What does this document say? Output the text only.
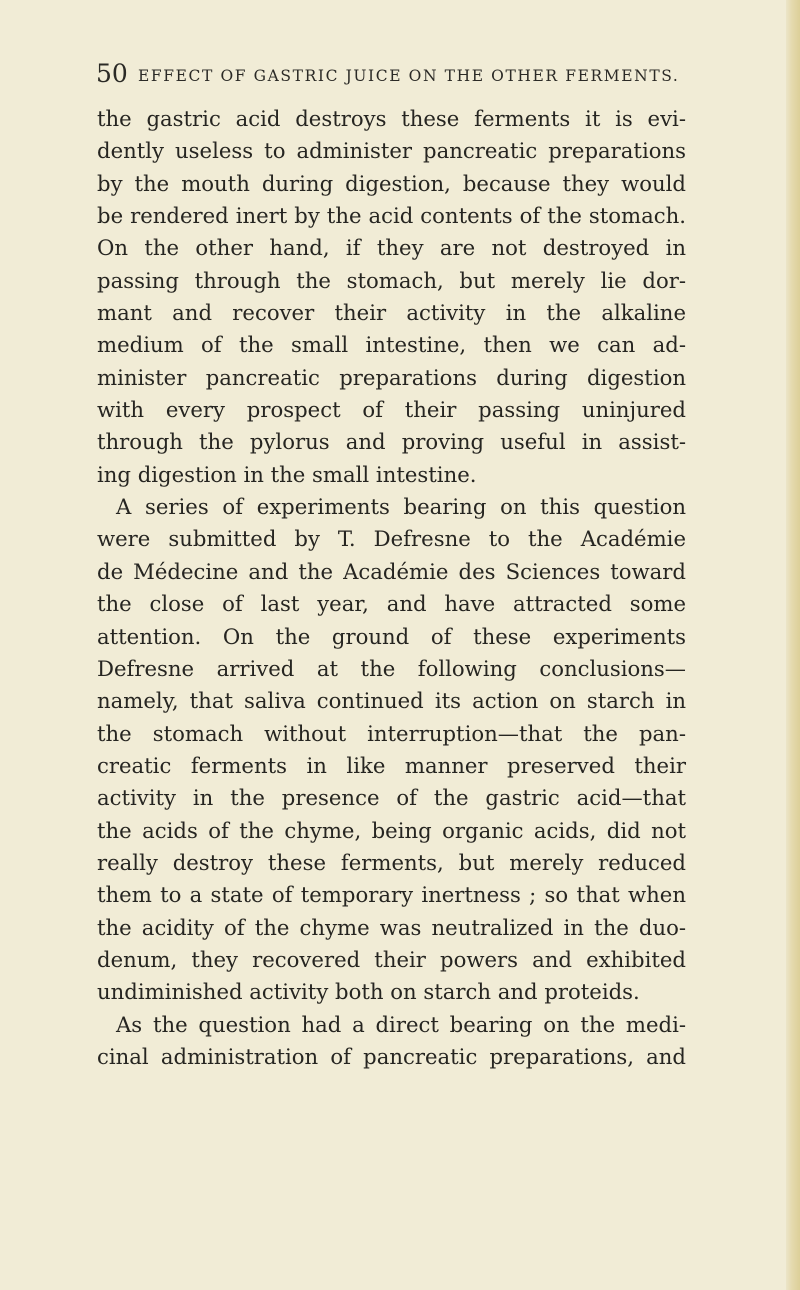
50 EFFECT OF GASTRIC JUICE ON THE OTHER FERMENTS.
the gastric acid destroys these ferments it is evi-
dently useless to administer pancreatic preparations
by the mouth during digestion, because they would
be rendered inert by the acid contents of the stomach.
On the other hand, if they are not destroyed in
passing through the stomach, but merely lie dor-
mant and recover their activity in the alkaline
medium of the small intestine, then we can ad-
minister pancreatic preparations during digestion
with every prospect of their passing uninjured
through the pylorus and proving useful in assist-
ing digestion in the small intestine.
A series of experiments bearing on this question
were submitted by T. Defresne to the Académie
de Médecine and the Académie des Sciences toward
the close of last year, and have attracted some
attention. On the ground of these experiments
Defresne arrived at the following conclusions—
namely, that saliva continued its action on starch in
the stomach without interruption—that the pan-
creatic ferments in like manner preserved their
activity in the presence of the gastric acid—that
the acids of the chyme, being organic acids, did not
really destroy these ferments, but merely reduced
them to a state of temporary inertness ; so that when
the acidity of the chyme was neutralized in the duo-
denum, they recovered their powers and exhibited
undiminished activity both on starch and proteids.
As the question had a direct bearing on the medi-
cinal administration of pancreatic preparations, and
